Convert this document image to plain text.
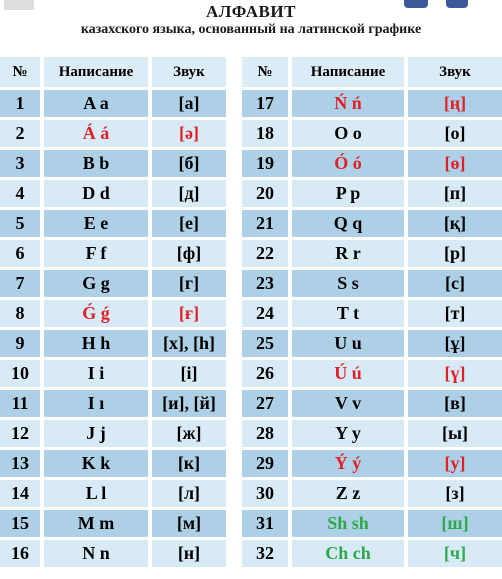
АЛФАВИТ
казахского языка, основанный на латинской графике
№		Написание		Звук
1		A a		[а]
2		Á á		[ә]
3		B b		[б]
4		D d		[д]
5		E e		[е]
6		F f		[ф]
7		G g		[г]
8		Ǵ ǵ		[ғ]
9		H h		[х], [h]
10		I i		[і]
11		I ı		[и], [й]
12		J j		[ж]
13		K k		[к]
14		L l		[л]
15		M m		[м]
16		N n		[н]
№		Написание		Звук
17		Ń ń		[ң]
18		O o		[о]
19		Ó ó		[ө]
20		P p		[п]
21		Q q		[қ]
22		R r		[р]
23		S s		[с]
24		T t		[т]
25		U u		[ұ]
26		Ú ú		[ү]
27		V v		[в]
28		Y y		[ы]
29		Ý ý		[у]
30		Z z		[з]
31		Sh sh		[ш]
32		Ch ch		[ч]
